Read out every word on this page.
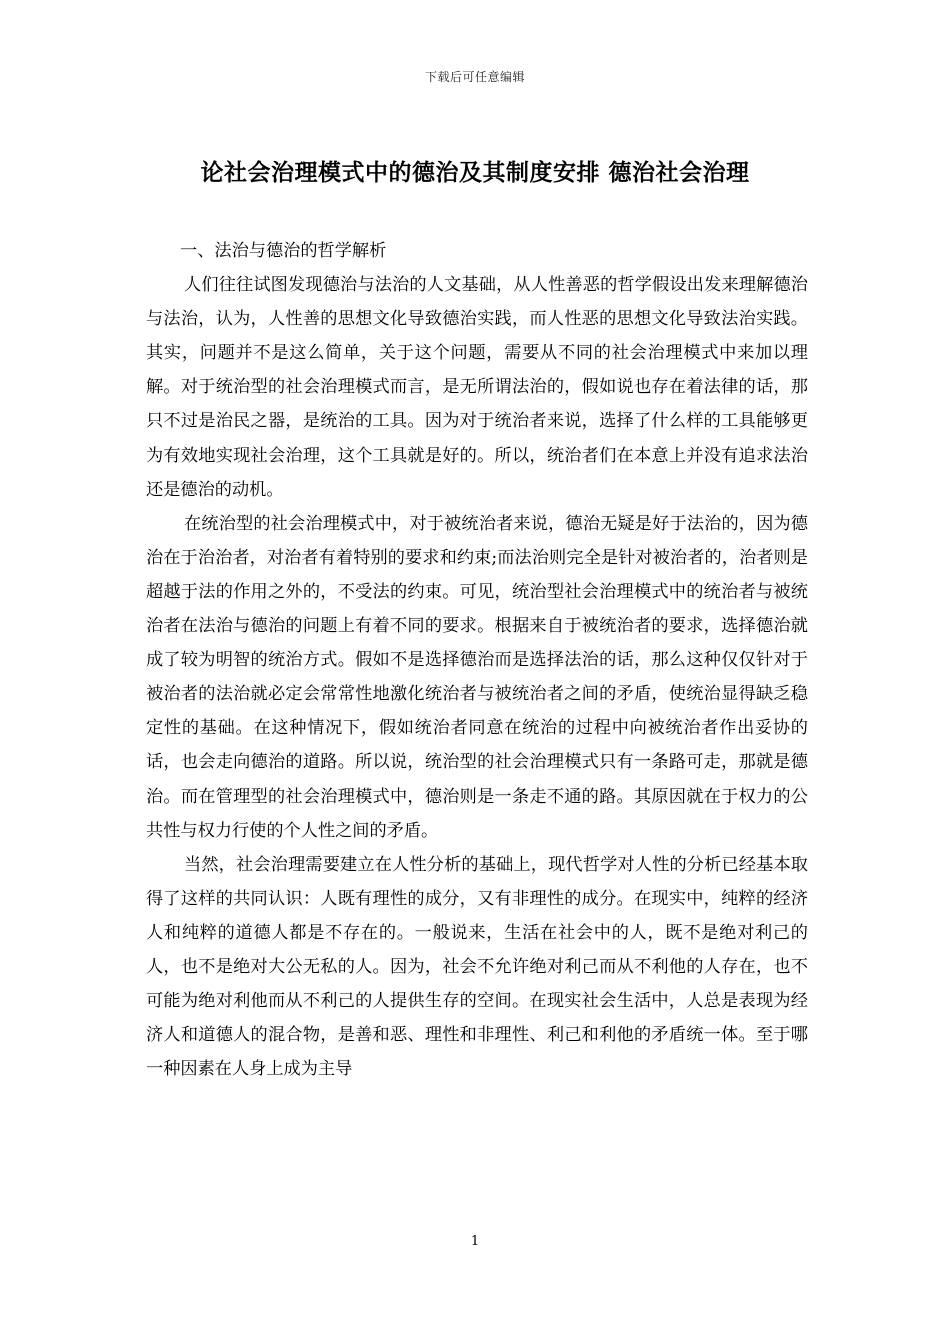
下载后可任意编辑
论社会治理模式中的德治及其制度安排 德治社会治理

一、法治与德治的哲学解析

人们往往试图发现德治与法治的人文基础，从人性善恶的哲学假设出发来理解德治与法治，认为，人性善的思想文化导致德治实践，而人性恶的思想文化导致法治实践。其实，问题并不是这么简单，关于这个问题，需要从不同的社会治理模式中来加以理解。对于统治型的社会治理模式而言，是无所谓法治的，假如说也存在着法律的话，那只不过是治民之器，是统治的工具。因为对于统治者来说，选择了什么样的工具能够更为有效地实现社会治理，这个工具就是好的。所以，统治者们在本意上并没有追求法治还是德治的动机。

在统治型的社会治理模式中，对于被统治者来说，德治无疑是好于法治的，因为德治在于治治者，对治者有着特别的要求和约束;而法治则完全是针对被治者的，治者则是超越于法的作用之外的，不受法的约束。可见，统治型社会治理模式中的统治者与被统治者在法治与德治的问题上有着不同的要求。根据来自于被统治者的要求，选择德治就成了较为明智的统治方式。假如不是选择德治而是选择法治的话，那么这种仅仅针对于被治者的法治就必定会常常性地激化统治者与被统治者之间的矛盾，使统治显得缺乏稳定性的基础。在这种情况下，假如统治者同意在统治的过程中向被统治者作出妥协的话，也会走向德治的道路。所以说，统治型的社会治理模式只有一条路可走，那就是德治。而在管理型的社会治理模式中，德治则是一条走不通的路。其原因就在于权力的公共性与权力行使的个人性之间的矛盾。

当然，社会治理需要建立在人性分析的基础上，现代哲学对人性的分析已经基本取得了这样的共同认识：人既有理性的成分，又有非理性的成分。在现实中，纯粹的经济人和纯粹的道德人都是不存在的。一般说来，生活在社会中的人，既不是绝对利己的人，也不是绝对大公无私的人。因为，社会不允许绝对利己而从不利他的人存在，也不可能为绝对利他而从不利己的人提供生存的空间。在现实社会生活中，人总是表现为经济人和道德人的混合物，是善和恶、理性和非理性、利己和利他的矛盾统一体。至于哪一种因素在人身上成为主导

1
